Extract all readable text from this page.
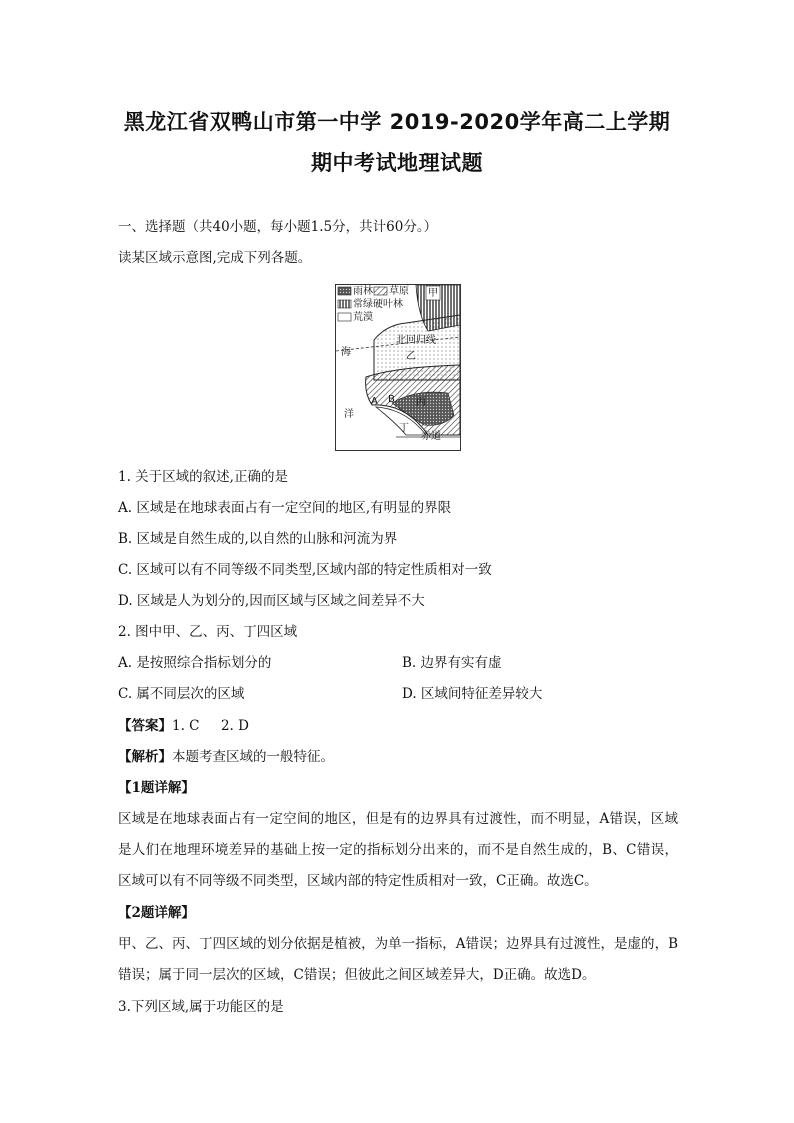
黑龙江省双鸭山市第一中学 2019-2020学年高二上学期
期中考试地理试题
一、选择题（共40小题，每小题1.5分，共计60分。）
读某区域示意图,完成下列各题。
雨林 草原 甲
常绿硬叶林
荒漠
北回归线
乙
海
洋
A B 丙
丁
赤道
1. 关于区域的叙述,正确的是
A. 区域是在地球表面占有一定空间的地区,有明显的界限
B. 区域是自然生成的,以自然的山脉和河流为界
C. 区域可以有不同等级不同类型,区域内部的特定性质相对一致
D. 区域是人为划分的,因而区域与区域之间差异不大
2. 图中甲、乙、丙、丁四区域
A. 是按照综合指标划分的	B. 边界有实有虚
C. 属不同层次的区域	D. 区域间特征差异较大
【答案】1. C     2. D
【解析】本题考查区域的一般特征。
【1题详解】
区域是在地球表面占有一定空间的地区，但是有的边界具有过渡性，而不明显，A错误，区域是人们在地理环境差异的基础上按一定的指标划分出来的，而不是自然生成的，B、C错误，区域可以有不同等级不同类型，区域内部的特定性质相对一致，C正确。故选C。
【2题详解】
甲、乙、丙、丁四区域的划分依据是植被，为单一指标，A错误；边界具有过渡性，是虚的，B错误；属于同一层次的区域，C错误；但彼此之间区域差异大，D正确。故选D。
3.下列区域,属于功能区的是
